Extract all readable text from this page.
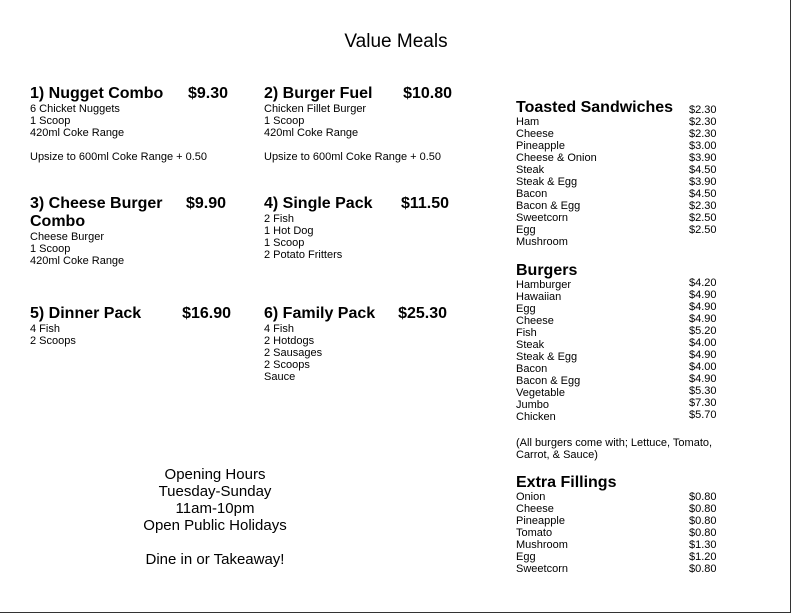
Value Meals
1) Nugget Combo $9.30
6 Chicket Nuggets
1 Scoop
420ml Coke Range
Upsize to 600ml Coke Range + 0.50
2) Burger Fuel $10.80
Chicken Fillet Burger
1 Scoop
420ml Coke Range
Upsize to 600ml Coke Range + 0.50
3) Cheese Burger Combo
$9.90
Cheese Burger
1 Scoop
420ml Coke Range
4) Single Pack $11.50
2 Fish
1 Hot Dog
1 Scoop
2 Potato Fritters
5) Dinner Pack	$16.90
4 Fish
2 Scoops
6) Family Pack $25.30
4 Fish
2 Hotdogs
2 Sausages
2 Scoops
Sauce
Opening Hours
Tuesday-Sunday
11am-10pm
Open Public Holidays
Dine in or Takeaway!
Toasted Sandwiches
Ham
Cheese
Pineapple
Cheese & Onion
Steak
Steak & Egg
Bacon
Bacon & Egg
Sweetcorn
Egg
Mushroom
$2.30
$2.30
$2.30
$3.00
$3.90
$4.50
$3.90
$4.50
$2.30
$2.50
$2.50
Burgers
Hamburger
Hawaiian
Egg
Cheese
Fish
Steak
Steak & Egg
Bacon
Bacon & Egg
Vegetable
Jumbo
Chicken
$4.20
$4.90
$4.90
$4.90
$5.20
$4.00
$4.90
$4.00
$4.90
$5.30
$7.30
$5.70
(All burgers come with; Lettuce, Tomato, Carrot, & Sauce)
Extra Fillings
Onion
Cheese
Pineapple
Tomato
Mushroom
Egg
Sweetcorn
$0.80
$0.80
$0.80
$0.80
$1.30
$1.20
$0.80
